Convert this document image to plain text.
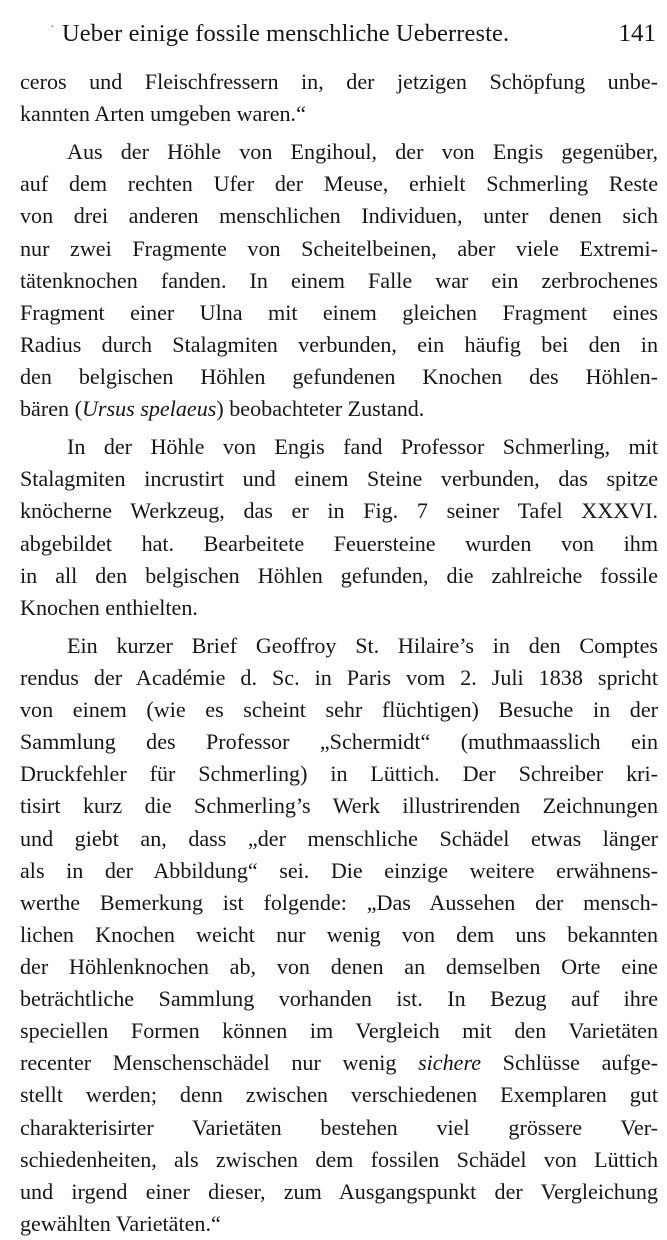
· Ueber einige fossile menschliche Ueberreste.	141
ceros und Fleischfressern in, der jetzigen Schöpfung unbe-
kannten Arten umgeben waren.“
Aus der Höhle von Engihoul, der von Engis gegenüber,
auf dem rechten Ufer der Meuse, erhielt Schmerling Reste
von drei anderen menschlichen Individuen, unter denen sich
nur zwei Fragmente von Scheitelbeinen, aber viele Extremi-
tätenknochen fanden. In einem Falle war ein zerbrochenes
Fragment einer Ulna mit einem gleichen Fragment eines
Radius durch Stalagmiten verbunden, ein häufig bei den in
den belgischen Höhlen gefundenen Knochen des Höhlen-
bären (Ursus spelaeus) beobachteter Zustand.
In der Höhle von Engis fand Professor Schmerling, mit
Stalagmiten incrustirt und einem Steine verbunden, das spitze
knöcherne Werkzeug, das er in Fig. 7 seiner Tafel XXXVI.
abgebildet hat. Bearbeitete Feuersteine wurden von ihm
in all den belgischen Höhlen gefunden, die zahlreiche fossile
Knochen enthielten.
Ein kurzer Brief Geoffroy St. Hilaire’s in den Comptes
rendus der Académie d. Sc. in Paris vom 2. Juli 1838 spricht
von einem (wie es scheint sehr flüchtigen) Besuche in der
Sammlung des Professor „Schermidt“ (muthmaasslich ein
Druckfehler für Schmerling) in Lüttich. Der Schreiber kri-
tisirt kurz die Schmerling’s Werk illustrirenden Zeichnungen
und giebt an, dass „der menschliche Schädel etwas länger
als in der Abbildung“ sei. Die einzige weitere erwähnens-
werthe Bemerkung ist folgende: „Das Aussehen der mensch-
lichen Knochen weicht nur wenig von dem uns bekannten
der Höhlenknochen ab, von denen an demselben Orte eine
beträchtliche Sammlung vorhanden ist. In Bezug auf ihre
speciellen Formen können im Vergleich mit den Varietäten
recenter Menschenschädel nur wenig sichere Schlüsse aufge-
stellt werden; denn zwischen verschiedenen Exemplaren gut
charakterisirter Varietäten bestehen viel grössere Ver-
schiedenheiten, als zwischen dem fossilen Schädel von Lüttich
und irgend einer dieser, zum Ausgangspunkt der Vergleichung
gewählten Varietäten.“
